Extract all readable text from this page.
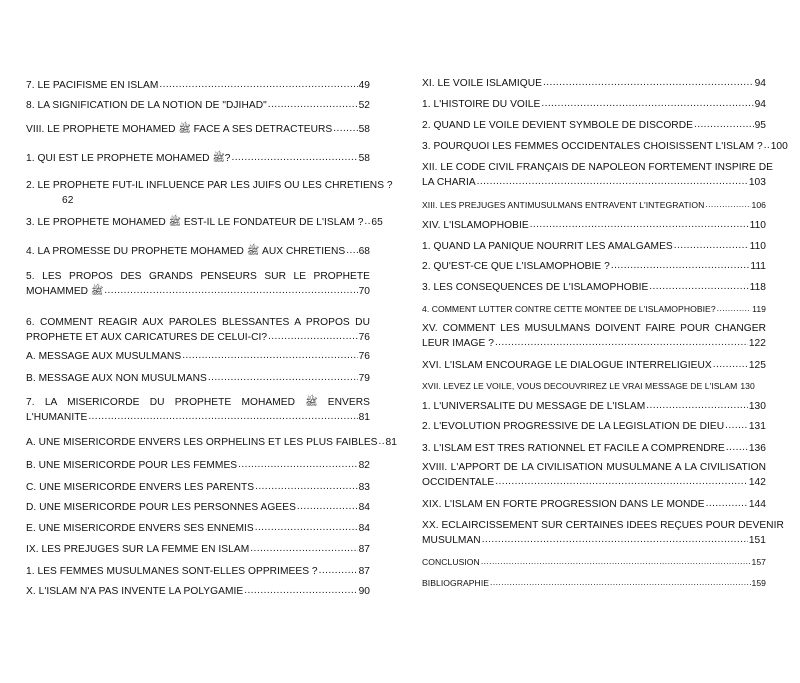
7. LE PACIFISME EN ISLAM .....	49
8. LA SIGNIFICATION DE LA NOTION DE "DJIHAD" .....	52
VIII. LE PROPHETE MOHAMED ﷺ FACE A SES DETRACTEURS .....	58
1. QUI EST LE PROPHETE MOHAMED ﷺ? .....	58
2. LE PROPHETE FUT-IL INFLUENCE PAR LES JUIFS OU LES CHRETIENS ?
62
3. LE PROPHETE MOHAMED ﷺ EST-IL LE FONDATEUR DE L'ISLAM ? ..... 65
4. LA PROMESSE DU PROPHETE MOHAMED ﷺ AUX CHRETIENS ..... 68
5. LES PROPOS DES GRANDS PENSEURS SUR LE PROPHETE
MOHAMMED ﷺ .....	70
6. COMMENT REAGIR AUX PAROLES BLESSANTES A PROPOS DU
PROPHETE ET AUX CARICATURES DE CELUI-CI? .....	76
A. MESSAGE AUX MUSULMANS .....	76
B. MESSAGE AUX NON MUSULMANS .....	79
7. LA MISERICORDE DU PROPHETE MOHAMED ﷺ ENVERS
L'HUMANITE .....	81
A. UNE MISERICORDE ENVERS LES ORPHELINS ET LES PLUS FAIBLES ..... 81
B. UNE MISERICORDE POUR LES FEMMES .....	82
C. UNE MISERICORDE ENVERS LES PARENTS .....	83
D. UNE MISERICORDE POUR LES PERSONNES AGEES .....	84
E. UNE MISERICORDE ENVERS SES ENNEMIS .....	84
IX. LES PREJUGES SUR LA FEMME EN ISLAM .....	87
1. LES FEMMES MUSULMANES SONT-ELLES OPPRIMEES ? .....	87
X. L'ISLAM N'A PAS INVENTE LA POLYGAMIE .....	90
XI. LE VOILE ISLAMIQUE .....	94
1. L'HISTOIRE DU VOILE .....	94
2. QUAND LE VOILE DEVIENT SYMBOLE DE DISCORDE .....	95
3. POURQUOI LES FEMMES OCCIDENTALES CHOISISSENT L'ISLAM ? ..... 100
XII. LE CODE CIVIL FRANÇAIS DE NAPOLEON FORTEMENT INSPIRE DE
LA CHARIA .....	103
XIII. LES PREJUGES ANTIMUSULMANS ENTRAVENT L'INTEGRATION .....	106
XIV. L'ISLAMOPHOBIE .....	110
1. QUAND LA PANIQUE NOURRIT LES AMALGAMES .....	110
2. QU'EST-CE QUE L'ISLAMOPHOBIE ? .....	111
3. LES CONSEQUENCES DE L'ISLAMOPHOBIE .....	118
4. COMMENT LUTTER CONTRE CETTE MONTEE DE L'ISLAMOPHOBIE? .....	119
XV. COMMENT LES MUSULMANS DOIVENT FAIRE POUR CHANGER
LEUR IMAGE ? .....	122
XVI. L'ISLAM ENCOURAGE LE DIALOGUE INTERRELIGIEUX .....	125
XVII. LEVEZ LE VOILE, VOUS DECOUVRIREZ LE VRAI MESSAGE DE L'ISLAM 130
1. L'UNIVERSALITE DU MESSAGE DE L'ISLAM .....	130
2. L'EVOLUTION PROGRESSIVE DE LA LEGISLATION DE DIEU ..... 131
3. L'ISLAM EST TRES RATIONNEL ET FACILE A COMPRENDRE ..... 136
XVIII. L'APPORT DE LA CIVILISATION MUSULMANE A LA CIVILISATION
OCCIDENTALE .....	142
XIX. L'ISLAM EN FORTE PROGRESSION DANS LE MONDE .....	144
XX. ECLAIRCISSEMENT SUR CERTAINES IDEES REÇUES POUR DEVENIR
MUSULMAN .....	151
CONCLUSION .....	157
BIBLIOGRAPHIE .....	159
